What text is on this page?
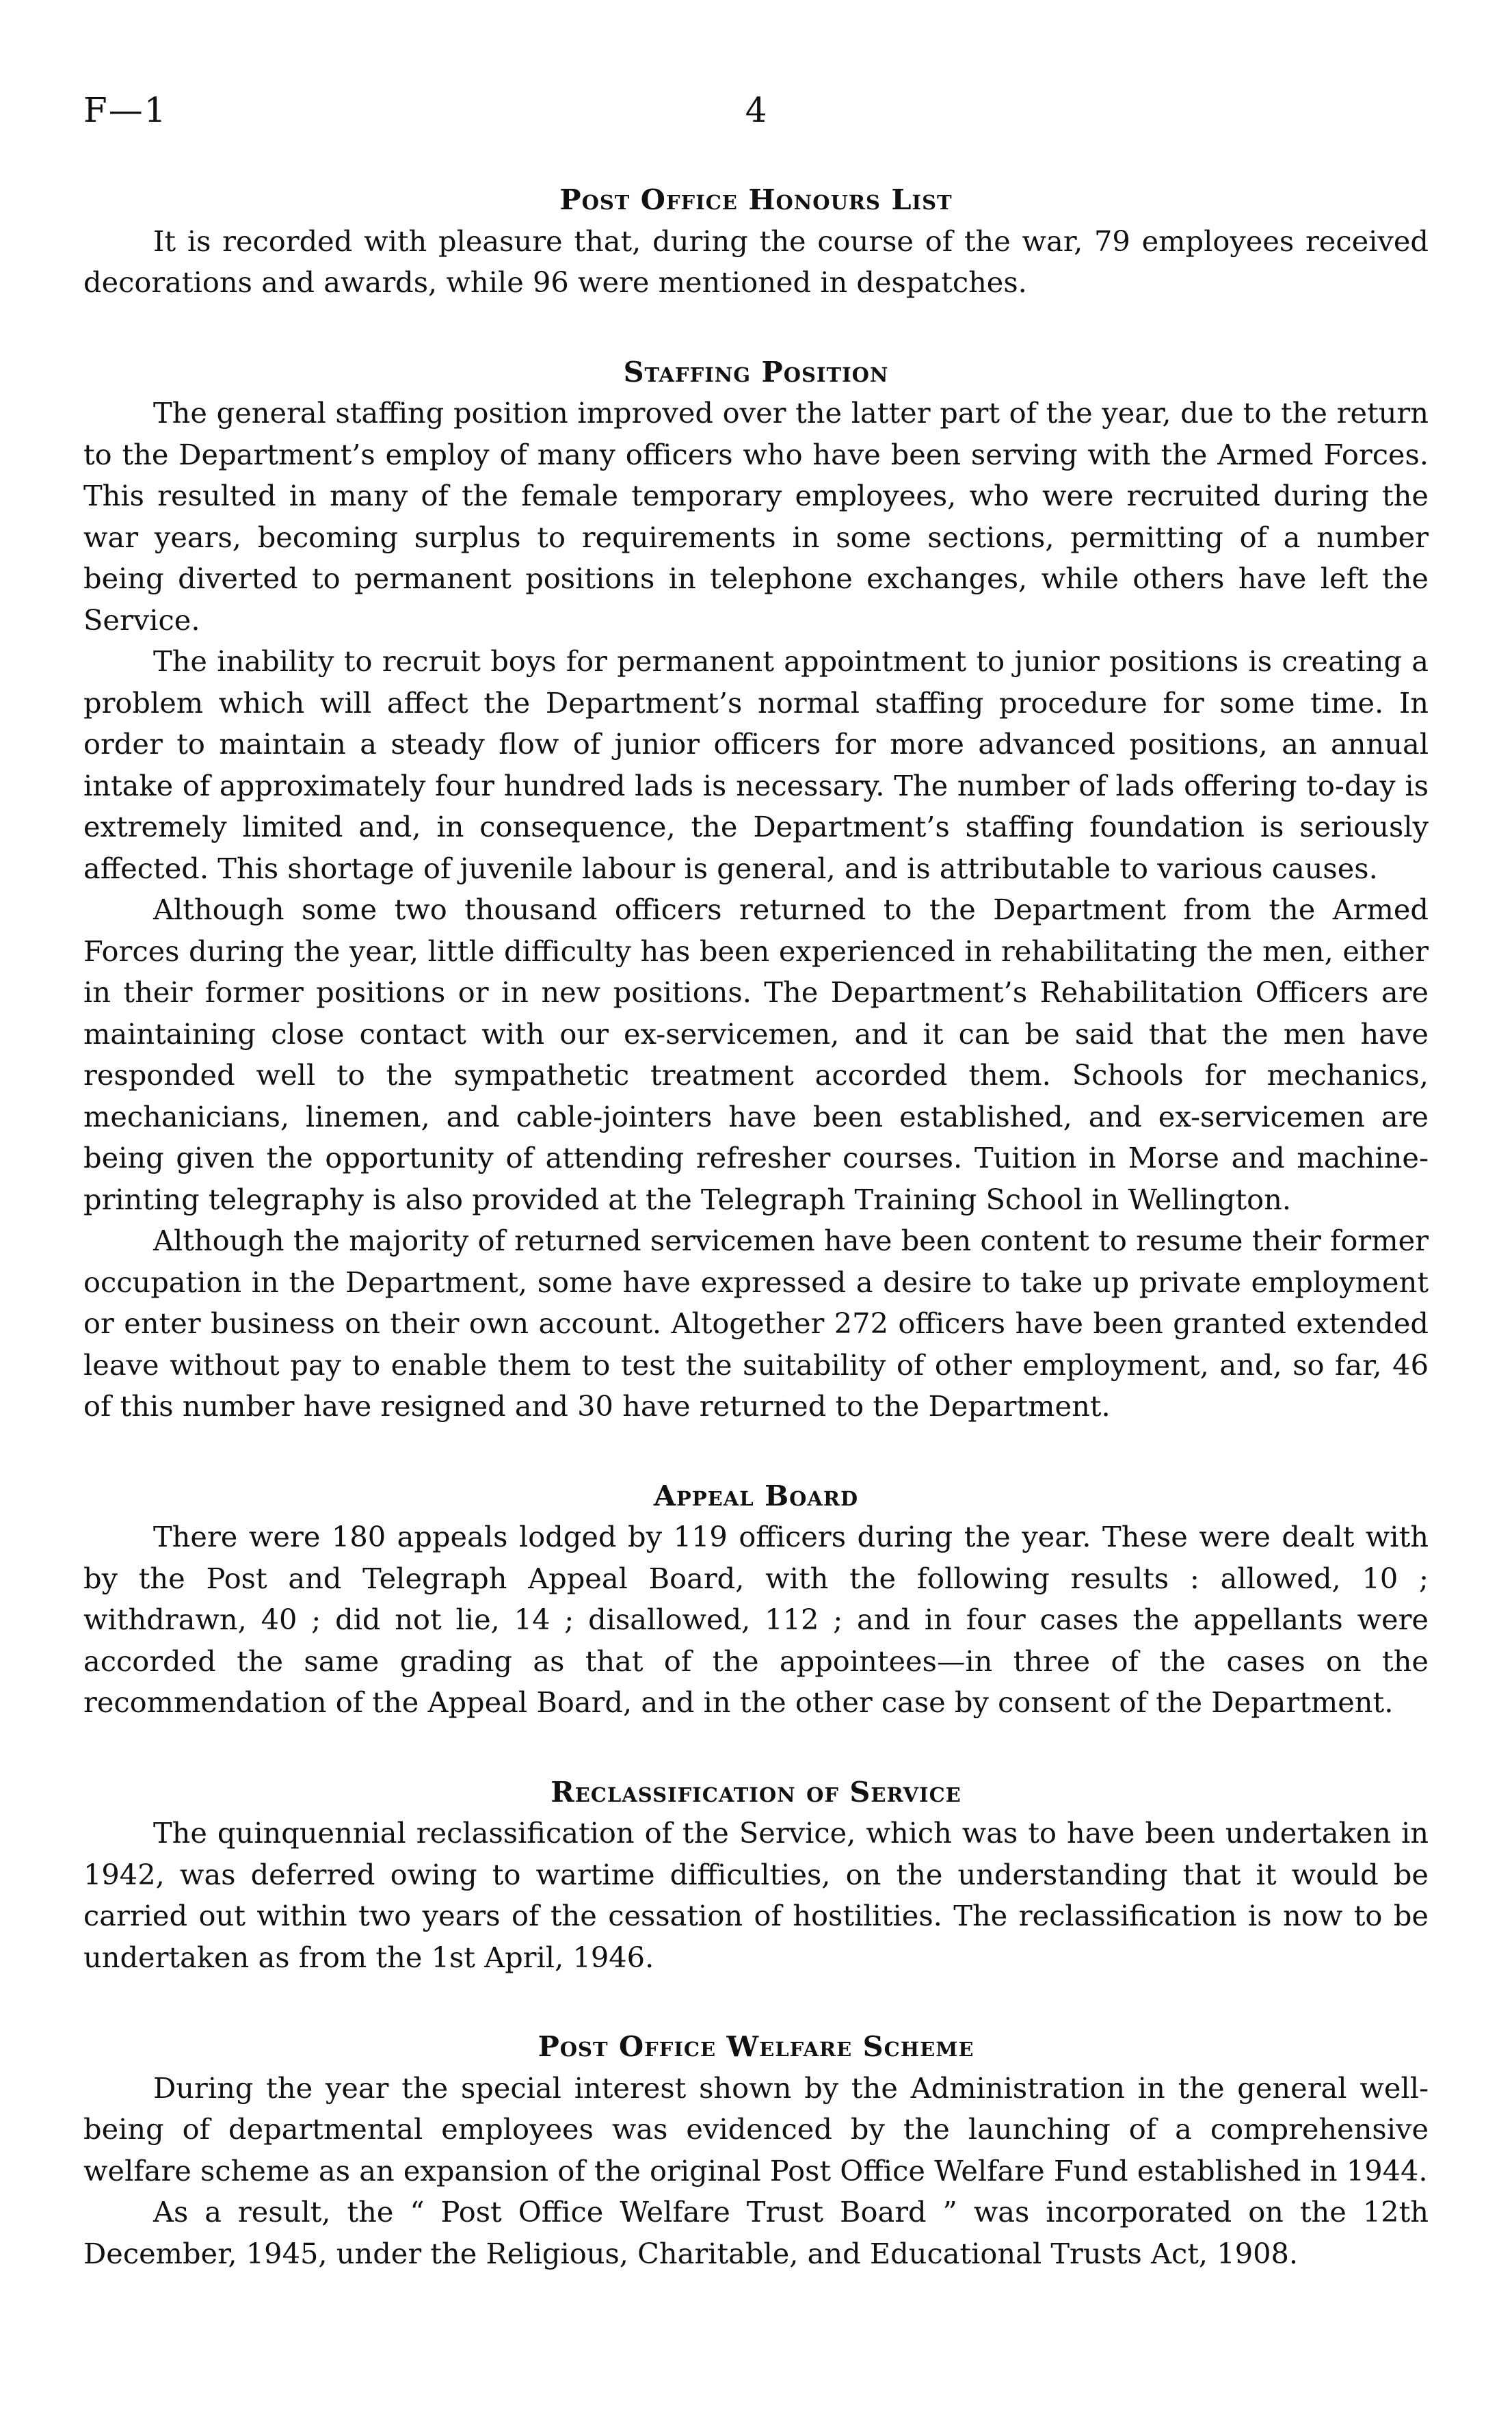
F—1	4
Post Office Honours List

It is recorded with pleasure that, during the course of the war, 79 employees received decorations and awards, while 96 were mentioned in despatches.

Staffing Position

The general staffing position improved over the latter part of the year, due to the return to the Department’s employ of many officers who have been serving with the Armed Forces. This resulted in many of the female temporary employees, who were recruited during the war years, becoming surplus to requirements in some sections, permitting of a number being diverted to permanent positions in telephone exchanges, while others have left the Service.

The inability to recruit boys for permanent appointment to junior positions is creating a problem which will affect the Department’s normal staffing procedure for some time. In order to maintain a steady flow of junior officers for more advanced positions, an annual intake of approximately four hundred lads is necessary. The number of lads offering to-day is extremely limited and, in consequence, the Department’s staffing foundation is seriously affected. This shortage of juvenile labour is general, and is attributable to various causes.

Although some two thousand officers returned to the Department from the Armed Forces during the year, little difficulty has been experienced in rehabilitating the men, either in their former positions or in new positions. The Department’s Rehabilitation Officers are maintaining close contact with our ex-servicemen, and it can be said that the men have responded well to the sympathetic treatment accorded them. Schools for mechanics, mechanicians, linemen, and cable-jointers have been established, and ex-servicemen are being given the opportunity of attending refresher courses. Tuition in Morse and machine-printing telegraphy is also provided at the Telegraph Training School in Wellington.

Although the majority of returned servicemen have been content to resume their former occupation in the Department, some have expressed a desire to take up private employment or enter business on their own account. Altogether 272 officers have been granted extended leave without pay to enable them to test the suitability of other employment, and, so far, 46 of this number have resigned and 30 have returned to the Department.

Appeal Board

There were 180 appeals lodged by 119 officers during the year. These were dealt with by the Post and Telegraph Appeal Board, with the following results : allowed, 10 ; withdrawn, 40 ; did not lie, 14 ; disallowed, 112 ; and in four cases the appellants were accorded the same grading as that of the appointees—in three of the cases on the recommendation of the Appeal Board, and in the other case by consent of the Department.

Reclassification of Service

The quinquennial reclassification of the Service, which was to have been undertaken in 1942, was deferred owing to wartime difficulties, on the understanding that it would be carried out within two years of the cessation of hostilities. The reclassification is now to be undertaken as from the 1st April, 1946.

Post Office Welfare Scheme

During the year the special interest shown by the Administration in the general well-being of departmental employees was evidenced by the launching of a comprehensive welfare scheme as an expansion of the original Post Office Welfare Fund established in 1944.

As a result, the “ Post Office Welfare Trust Board ” was incorporated on the 12th December, 1945, under the Religious, Charitable, and Educational Trusts Act, 1908.
